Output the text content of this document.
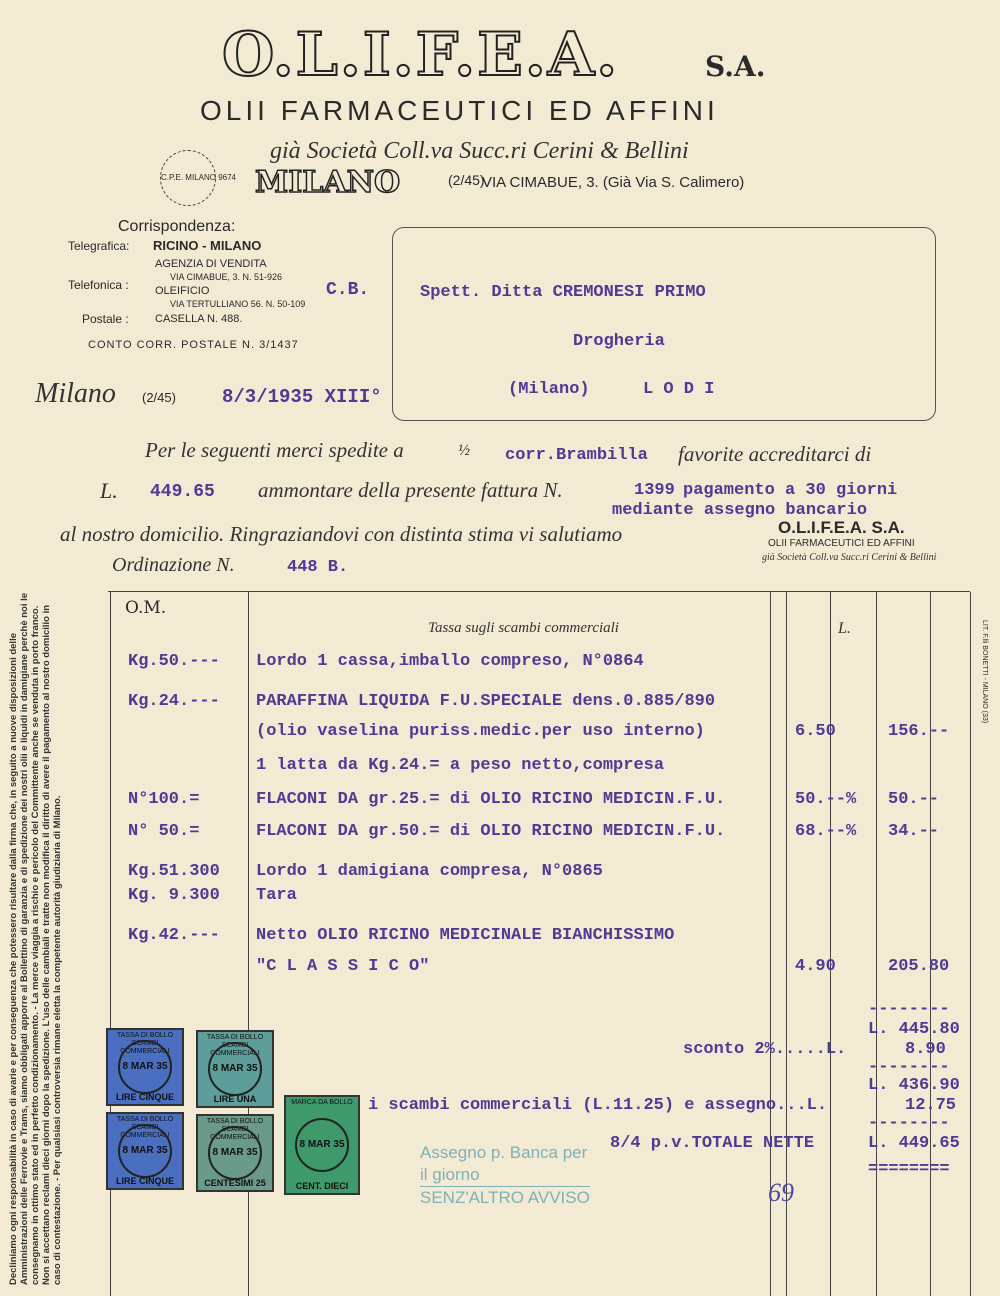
O.L.I.F.E.A.	S.A.
OLII FARMACEUTICI ED AFFINI
già Società Coll.va Succ.ri Cerini & Bellini
C.P.E. MILANO 9674 MILANO	(2/45)
VIA CIMABUE, 3. (Già Via S. Calimero)
Corrispondenza:
Telegrafica: RICINO - MILANO
Telefonica :
AGENZIA DI VENDITA
VIA CIMABUE, 3. N. 51-926
OLEIFICIO
VIA TERTULLIANO 56. N. 50-109
Postale : CASELLA N. 488.
CONTO CORR. POSTALE N. 3/1437
C.B.	Spett. Ditta CREMONESI PRIMO
Drogheria
(Milano)	L O D I
Milano (2/45) 8/3/1935 XIII°
Per le seguenti merci spedite a	½ corr.Brambilla favorite accreditarci di
L. 449.65 ammontare della presente fattura N.	1399 pagamento a 30 giorni
mediante assegno bancario
al nostro domicilio. Ringraziandovi con distinta stima vi salutiamo	O.L.I.F.E.A. S.A.
OLII FARMACEUTICI ED AFFINI
già Società Coll.va Succ.ri Cerini & Bellini
Ordinazione N.	448 B.
O.M.
Tassa sugli scambi commerciali	L.	LIT. F.lli BONETTI - MILANO (33)
Kg.50.--- Lordo 1 cassa,imballo compreso, N°0864
Kg.24.--- PARAFFINA LIQUIDA F.U.SPECIALE dens.0.885/890
(olio vaselina puriss.medic.per uso interno)	6.50	156.--
1 latta da Kg.24.= a peso netto,compresa
N°100.=	FLACONI DA gr.25.= di OLIO RICINO MEDICIN.F.U.	50.--% 50.--
N° 50.=	FLACONI DA gr.50.= di OLIO RICINO MEDICIN.F.U.	68.--% 34.--
Kg.51.300 Lordo 1 damigiana compresa, N°0865
Kg. 9.300 Tara
Kg.42.--- Netto OLIO RICINO MEDICINALE BIANCHISSIMO
"C L A S S I C O"	4.90	205.80
--------
L. 445.80
sconto 2%.....L.	8.90
--------
L. 436.90
i scambi commerciali (L.11.25) e assegno...L.	12.75
--------
8/4 p.v.TOTALE NETTE	L. 449.65
========
69
Assegno p. Banca per
il giorno
SENZ'ALTRO AVVISO
TASSA DI BOLLO SCAMBI COMMERCIALI
8 MAR 35
LIRE CINQUE
TASSA DI BOLLO SCAMBI COMMERCIALI
8 MAR 35
LIRE UNA	MARCA DA BOLLO
8 MAR 35
CENT. DIECI
TASSA DI BOLLO SCAMBI COMMERCIALI
8 MAR 35
LIRE CINQUE
TASSA DI BOLLO SCAMBI COMMERCIALI
8 MAR 35
CENTESIMI 25
Decliniamo ogni responsabilità in caso di avarie e per conseguenza che potessero risultare dalla firma che, in seguito a nuove disposizioni delle Amministrazioni delle Ferrovie e Trams, siamo obbligati apporre al Bollettino di garanzia e di spedizione dei nostri olii e liquidi in damigiane perchè noi le consegnamo in ottimo stato ed in perfetto condizionamento. - La merce viaggia a rischio e pericolo del Committente anche se venduta in porto franco. Non si accettano reclami dieci giorni dopo la spedizione. L'uso delle cambiali e tratte non modifica il diritto di avere il pagamento al nostro domicilio in caso di contestazione. - Per qualsiasi controversia rimane eletta la competente autorità giudiziaria di Milano.
